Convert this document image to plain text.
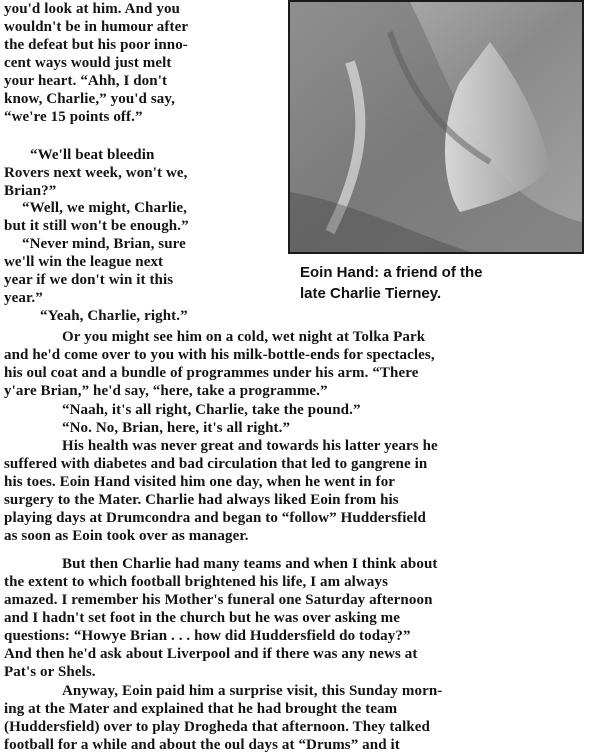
you'd look at him. And you
wouldn't be in humour after
the defeat but his poor inno-
cent ways would just melt
your heart. “Ahh, I don't
know, Charlie,” you'd say,
“we're 15 points off.”
“We'll beat bleedin
Rovers next week, won't we,
Brian?”
“Well, we might, Charlie,
but it still won't be enough.”
“Never mind, Brian, sure
we'll win the league next
year if we don't win it this
year.”
“Yeah, Charlie, right.”
Eoin Hand: a friend of the
late Charlie Tierney.
Or you might see him on a cold, wet night at Tolka Park
and he'd come over to you with his milk-bottle-ends for spectacles,
his oul coat and a bundle of programmes under his arm. “There
y'are Brian,” he'd say, “here, take a programme.”
“Naah, it's all right, Charlie, take the pound.”
“No. No, Brian, here, it's all right.”
His health was never great and towards his latter years he
suffered with diabetes and bad circulation that led to gangrene in
his toes. Eoin Hand visited him one day, when he went in for
surgery to the Mater. Charlie had always liked Eoin from his
playing days at Drumcondra and began to “follow” Huddersfield
as soon as Eoin took over as manager.
But then Charlie had many teams and when I think about
the extent to which football brightened his life, I am always
amazed. I remember his Mother's funeral one Saturday afternoon
and I hadn't set foot in the church but he was over asking me
questions: “Howye Brian . . . how did Huddersfield do today?”
And then he'd ask about Liverpool and if there was any news at
Pat's or Shels.
Anyway, Eoin paid him a surprise visit, this Sunday morn-
ing at the Mater and explained that he had brought the team
(Huddersfield) over to play Drogheda that afternoon. They talked
football for a while and about the oul days at “Drums” and it
